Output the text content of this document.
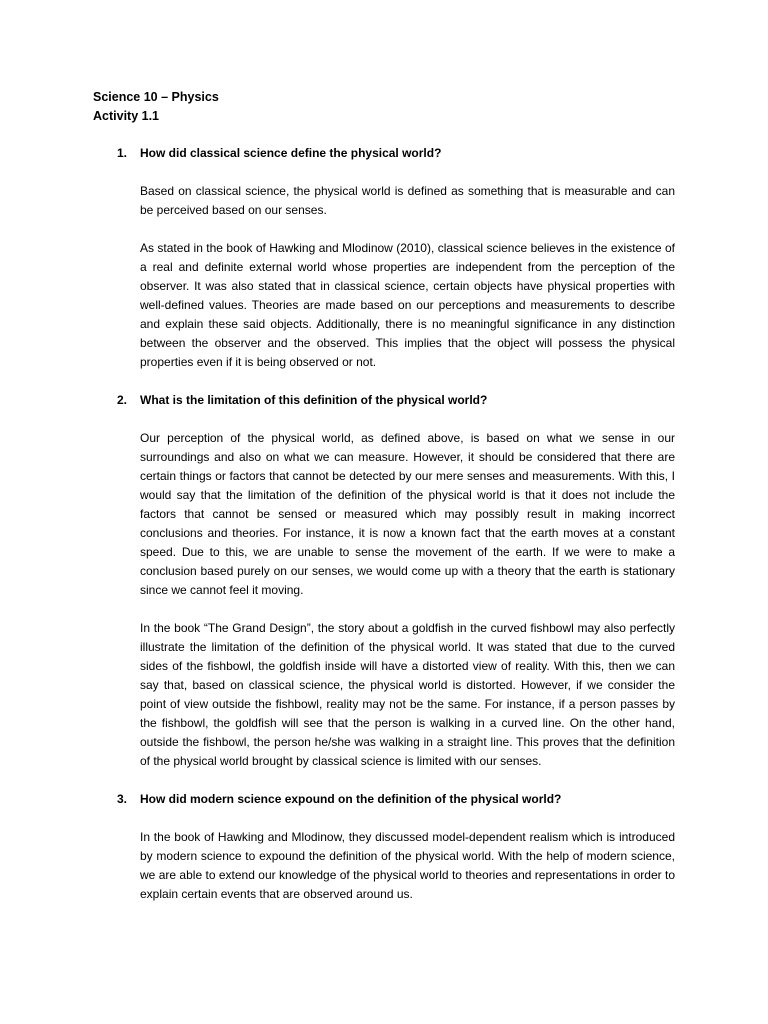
Science 10 – Physics
Activity 1.1
1. How did classical science define the physical world?

Based on classical science, the physical world is defined as something that is measurable and can be perceived based on our senses.

As stated in the book of Hawking and Mlodinow (2010), classical science believes in the existence of a real and definite external world whose properties are independent from the perception of the observer. It was also stated that in classical science, certain objects have physical properties with well-defined values. Theories are made based on our perceptions and measurements to describe and explain these said objects. Additionally, there is no meaningful significance in any distinction between the observer and the observed. This implies that the object will possess the physical properties even if it is being observed or not.

2. What is the limitation of this definition of the physical world?

Our perception of the physical world, as defined above, is based on what we sense in our surroundings and also on what we can measure. However, it should be considered that there are certain things or factors that cannot be detected by our mere senses and measurements. With this, I would say that the limitation of the definition of the physical world is that it does not include the factors that cannot be sensed or measured which may possibly result in making incorrect conclusions and theories. For instance, it is now a known fact that the earth moves at a constant speed. Due to this, we are unable to sense the movement of the earth. If we were to make a conclusion based purely on our senses, we would come up with a theory that the earth is stationary since we cannot feel it moving.

In the book “The Grand Design”, the story about a goldfish in the curved fishbowl may also perfectly illustrate the limitation of the definition of the physical world. It was stated that due to the curved sides of the fishbowl, the goldfish inside will have a distorted view of reality. With this, then we can say that, based on classical science, the physical world is distorted. However, if we consider the point of view outside the fishbowl, reality may not be the same. For instance, if a person passes by the fishbowl, the goldfish will see that the person is walking in a curved line. On the other hand, outside the fishbowl, the person he/she was walking in a straight line. This proves that the definition of the physical world brought by classical science is limited with our senses.

3. How did modern science expound on the definition of the physical world?

In the book of Hawking and Mlodinow, they discussed model-dependent realism which is introduced by modern science to expound the definition of the physical world. With the help of modern science, we are able to extend our knowledge of the physical world to theories and representations in order to explain certain events that are observed around us.
